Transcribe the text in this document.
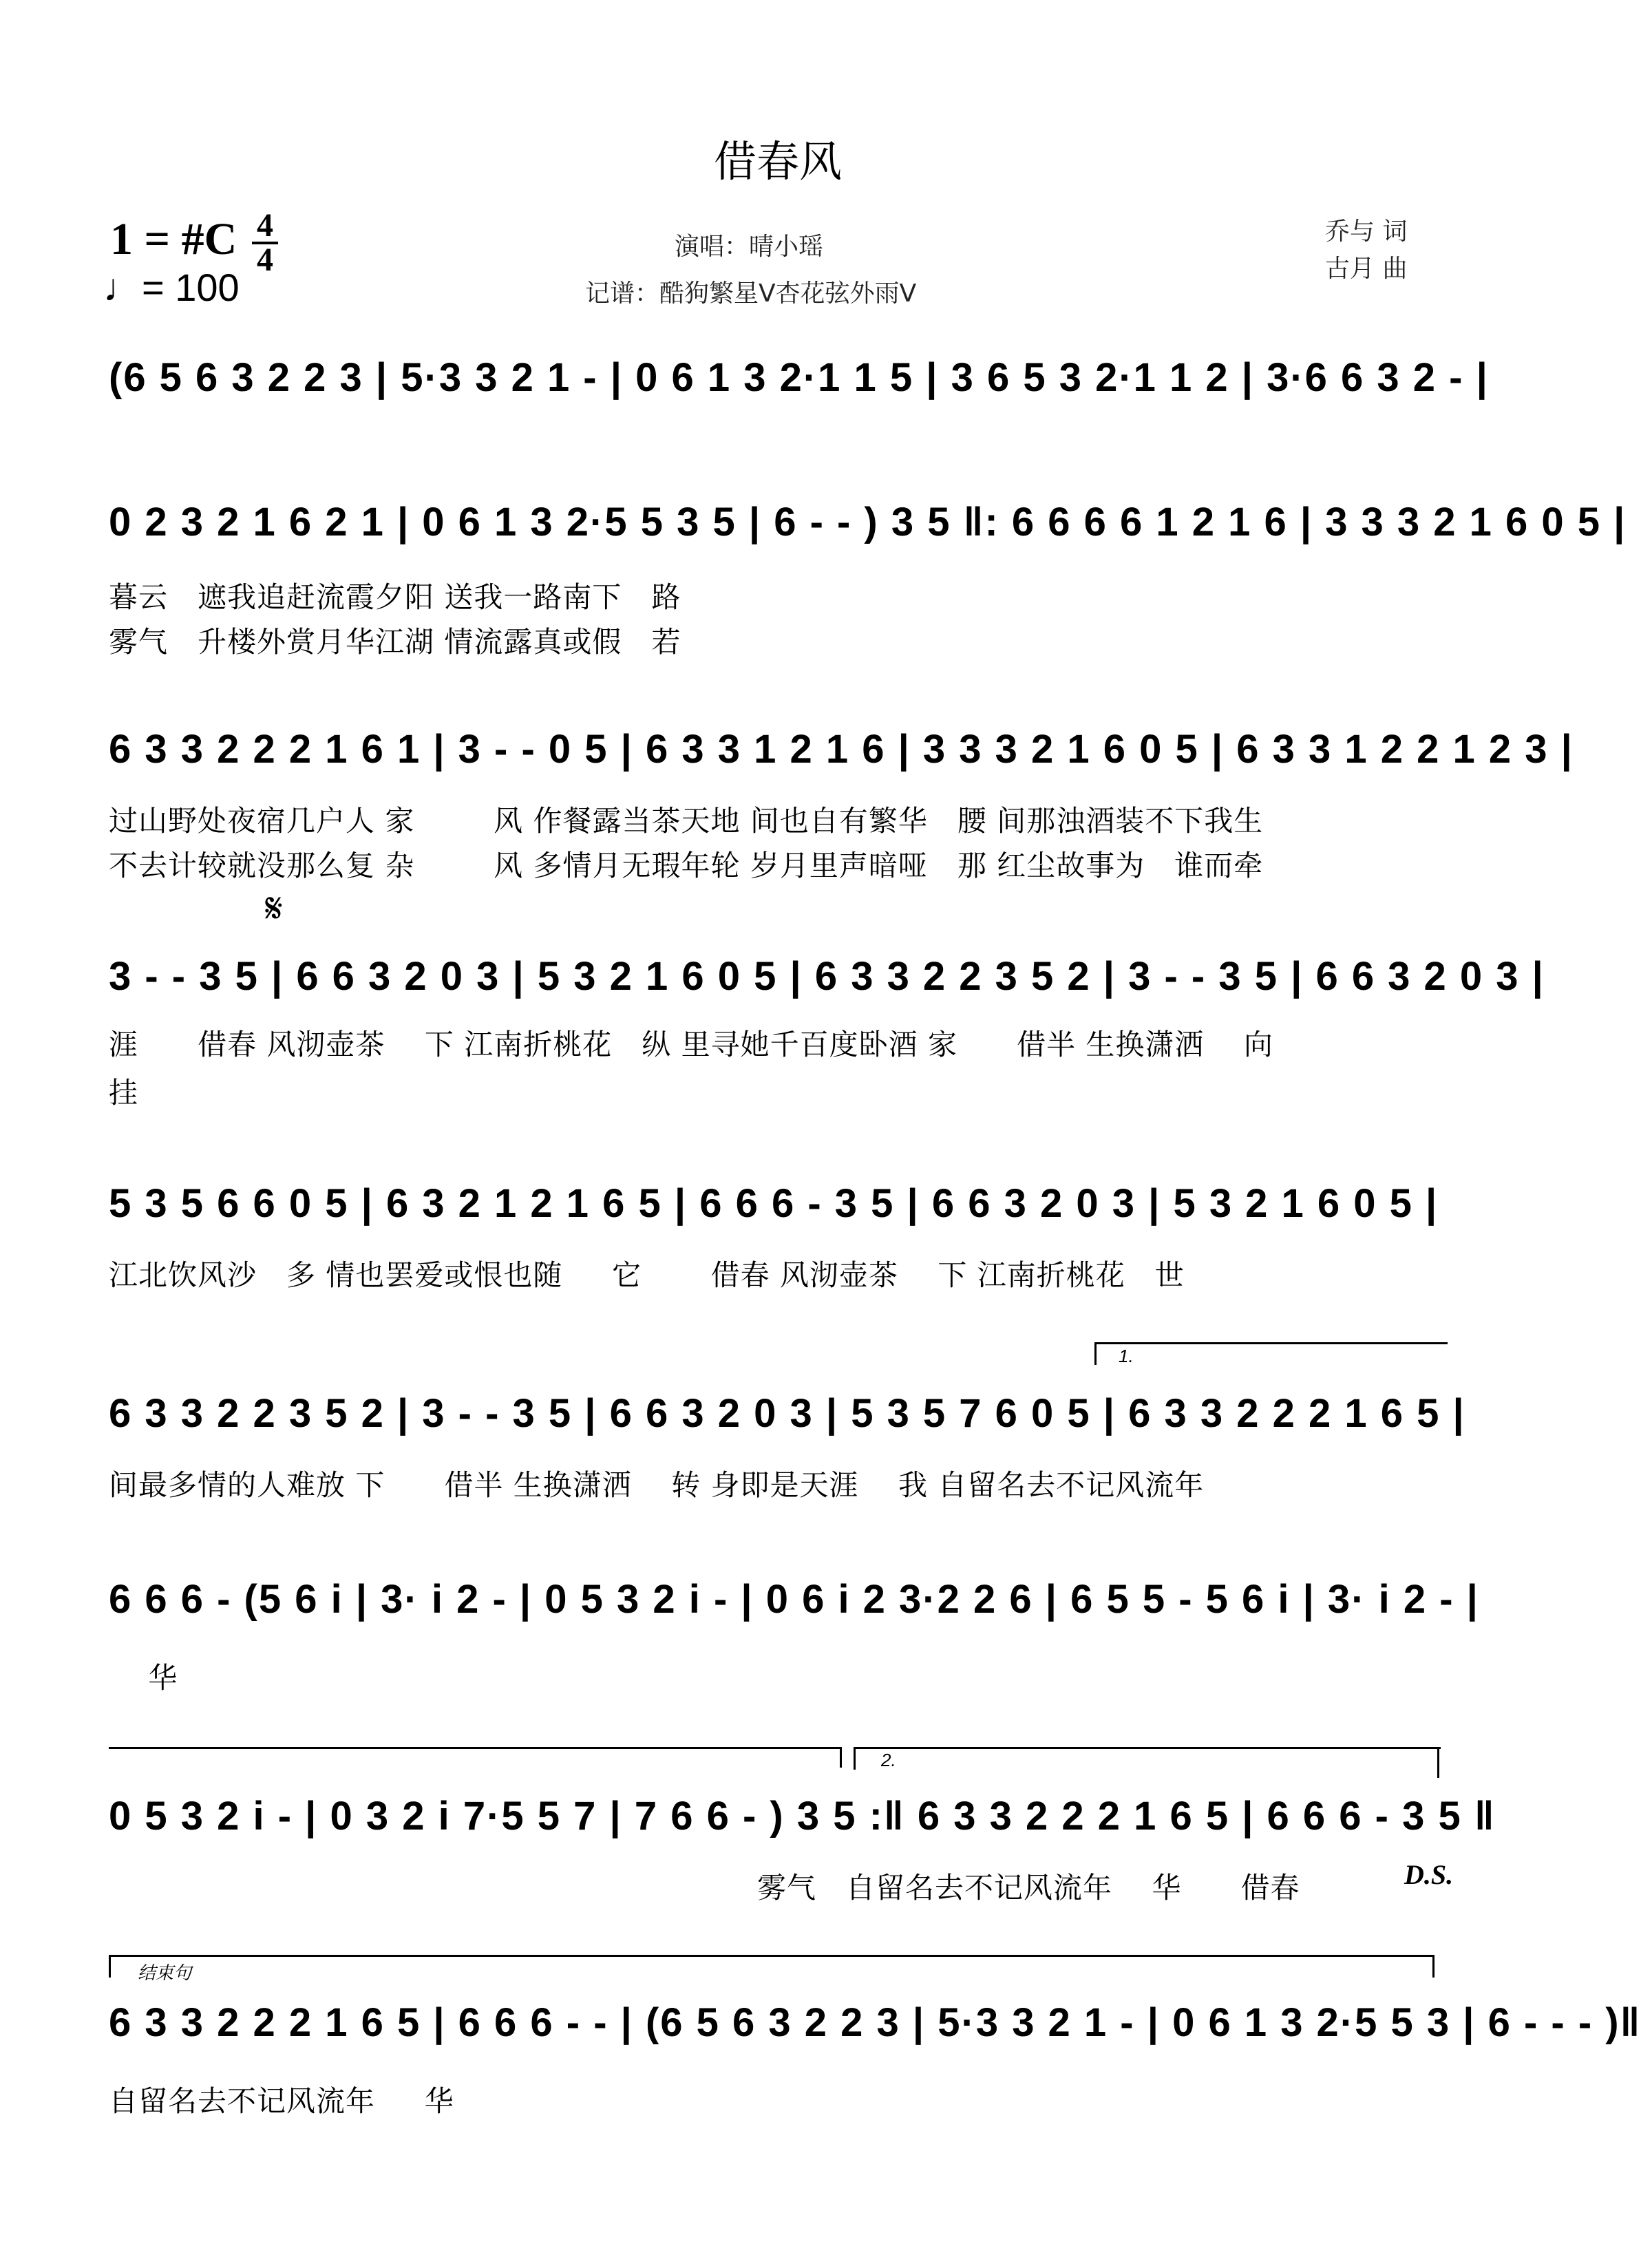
借春风
演唱：晴小瑶
记谱：酷狗繁星V杏花弦外雨V
乔与 词
古月 曲
1 = #C 4
4
♩= 100
(6 5 6 3 2 2 3 | 5·3 3 2 1 - | 0 6 1 3 2·1 1 5 | 3 6 5 3 2·1 1 2 | 3·6 6 3 2 - |
0 2 3 2 1 6 2 1 | 0 6 1 3 2·5 5 3 5 | 6 - - ) 3 5 ‖: 6 6 6 6 1 2 1 6 | 3 3 3 2 1 6 0 5 |
暮云   遮我追赶流霞夕阳 送我一路南下   路
雾气   升楼外赏月华江湖 情流露真或假   若
6 3 3 2 2 2 1 6 1 | 3 - - 0 5 | 6 3 3 1 2 1 6 | 3 3 3 2 1 6 0 5 | 6 3 3 1 2 2 1 2 3 |
过山野处夜宿几户人 家        风 作餐露当茶天地 间也自有繁华   腰 间那浊酒装不下我生
不去计较就没那么复 杂        风 多情月无瑕年轮 岁月里声暗哑   那 红尘故事为   谁而牵
𝄋
3 - - 3 5 | 6 6 3 2 0 3 | 5 3 2 1 6 0 5 | 6 3 3 2 2 3 5 2 | 3 - - 3 5 | 6 6 3 2 0 3 |
涯      借春 风沏壶茶    下 江南折桃花   纵 里寻她千百度卧酒 家      借半 生换潇洒    向
挂
5 3 5 6 6 0 5 | 6 3 2 1 2 1 6 5 | 6 6 6 - 3 5 | 6 6 3 2 0 3 | 5 3 2 1 6 0 5 |
江北饮风沙   多 情也罢爱或恨也随     它       借春 风沏壶茶    下 江南折桃花   世
1.
6 3 3 2 2 3 5 2 | 3 - - 3 5 | 6 6 3 2 0 3 | 5 3 5 7 6 0 5 | 6 3 3 2 2 2 1 6 5 |
间最多情的人难放 下      借半 生换潇洒    转 身即是天涯    我 自留名去不记风流年
6 6 6 - (5 6 i | 3· i 2 - | 0 5 3 2 i - | 0 6 i 2 3·2 2 6 | 6 5 5 - 5 6 i | 3· i 2 - |
华
2.
0 5 3 2 i - | 0 3 2 i 7·5 5 7 | 7 6 6 - ) 3 5 :‖ 6 3 3 2 2 2 1 6 5 | 6 6 6 - 3 5 ‖
D.S.
雾气   自留名去不记风流年    华      借春
结束句
6 3 3 2 2 2 1 6 5 | 6 6 6 - - | (6 5 6 3 2 2 3 | 5·3 3 2 1 - | 0 6 1 3 2·5 5 3 | 6 - - - )‖
自留名去不记风流年     华
